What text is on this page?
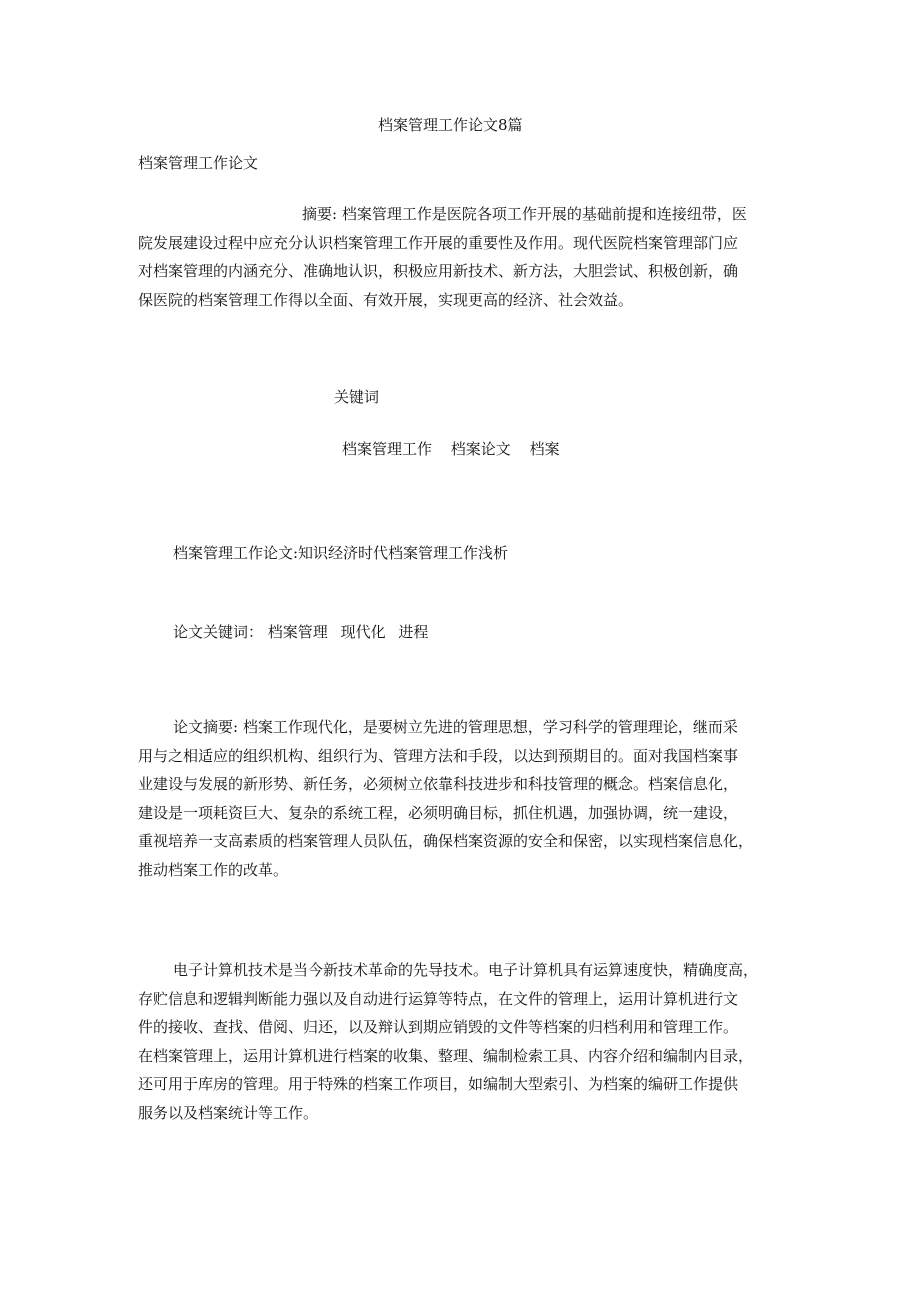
档案管理工作论文8篇

档案管理工作论文

摘要: 档案管理工作是医院各项工作开展的基础前提和连接纽带，医
院发展建设过程中应充分认识档案管理工作开展的重要性及作用。现代医院档案管理部门应
对档案管理的内涵充分、准确地认识，积极应用新技术、新方法，大胆尝试、积极创新，确
保医院的档案管理工作得以全面、有效开展，实现更高的经济、社会效益。

关键词

档案管理工作 档案论文 档案

档案管理工作论文:知识经济时代档案管理工作浅析

论文关键词： 档案管理 现代化 进程
论文摘要: 档案工作现代化，是要树立先进的管理思想，学习科学的管理理论，继而采
用与之相适应的组织机构、组织行为、管理方法和手段，以达到预期目的。面对我国档案事
业建设与发展的新形势、新任务，必须树立依靠科技进步和科技管理的概念。档案信息化，
建设是一项耗资巨大、复杂的系统工程，必须明确目标，抓住机遇，加强协调，统一建设，
重视培养一支高素质的档案管理人员队伍，确保档案资源的安全和保密，以实现档案信息化，
推动档案工作的改革。
电子计算机技术是当今新技术革命的先导技术。电子计算机具有运算速度快，精确度高，
存贮信息和逻辑判断能力强以及自动进行运算等特点，在文件的管理上，运用计算机进行文
件的接收、查找、借阅、归还，以及辩认到期应销毁的文件等档案的归档利用和管理工作。
在档案管理上，运用计算机进行档案的收集、整理、编制检索工具、内容介绍和编制内目录，
还可用于库房的管理。用于特殊的档案工作项目，如编制大型索引、为档案的编研工作提供
服务以及档案统计等工作。
